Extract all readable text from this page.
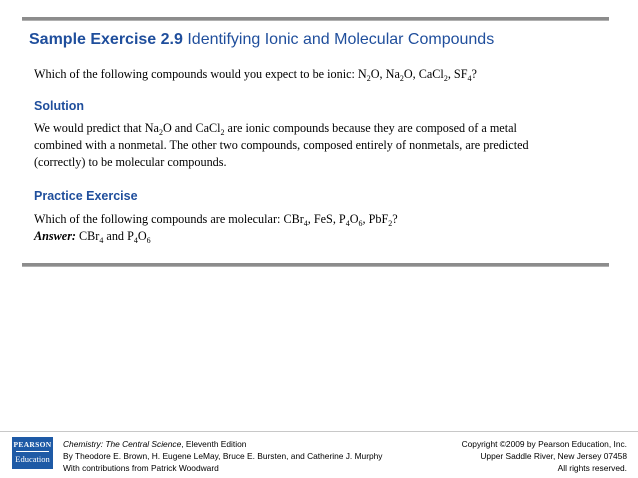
Sample Exercise 2.9 Identifying Ionic and Molecular Compounds
Which of the following compounds would you expect to be ionic: $N_2O$, $Na_2O$, CaCl$_2$, $SF_4$?
Solution
We would predict that $Na_2O$ and CaCl$_2$ are ionic compounds because they are composed of a metal
combined with a nonmetal. The other two compounds, composed entirely of nonmetals, are predicted
(correctly) to be molecular compounds.
Practice Exercise
Which of the following compounds are molecular: CBr$_4$, FeS, $P_4O_6$, PbF$_2$?
Answer: CBr$_4$ and $P_4O_6$
PEARSON
Education
Chemistry: The Central Science, Eleventh Edition
By Theodore E. Brown, H. Eugene LeMay, Bruce E. Bursten, and Catherine J. Murphy
With contributions from Patrick Woodward
Copyright ©2009 by Pearson Education, Inc.
Upper Saddle River, New Jersey 07458
All rights reserved.
